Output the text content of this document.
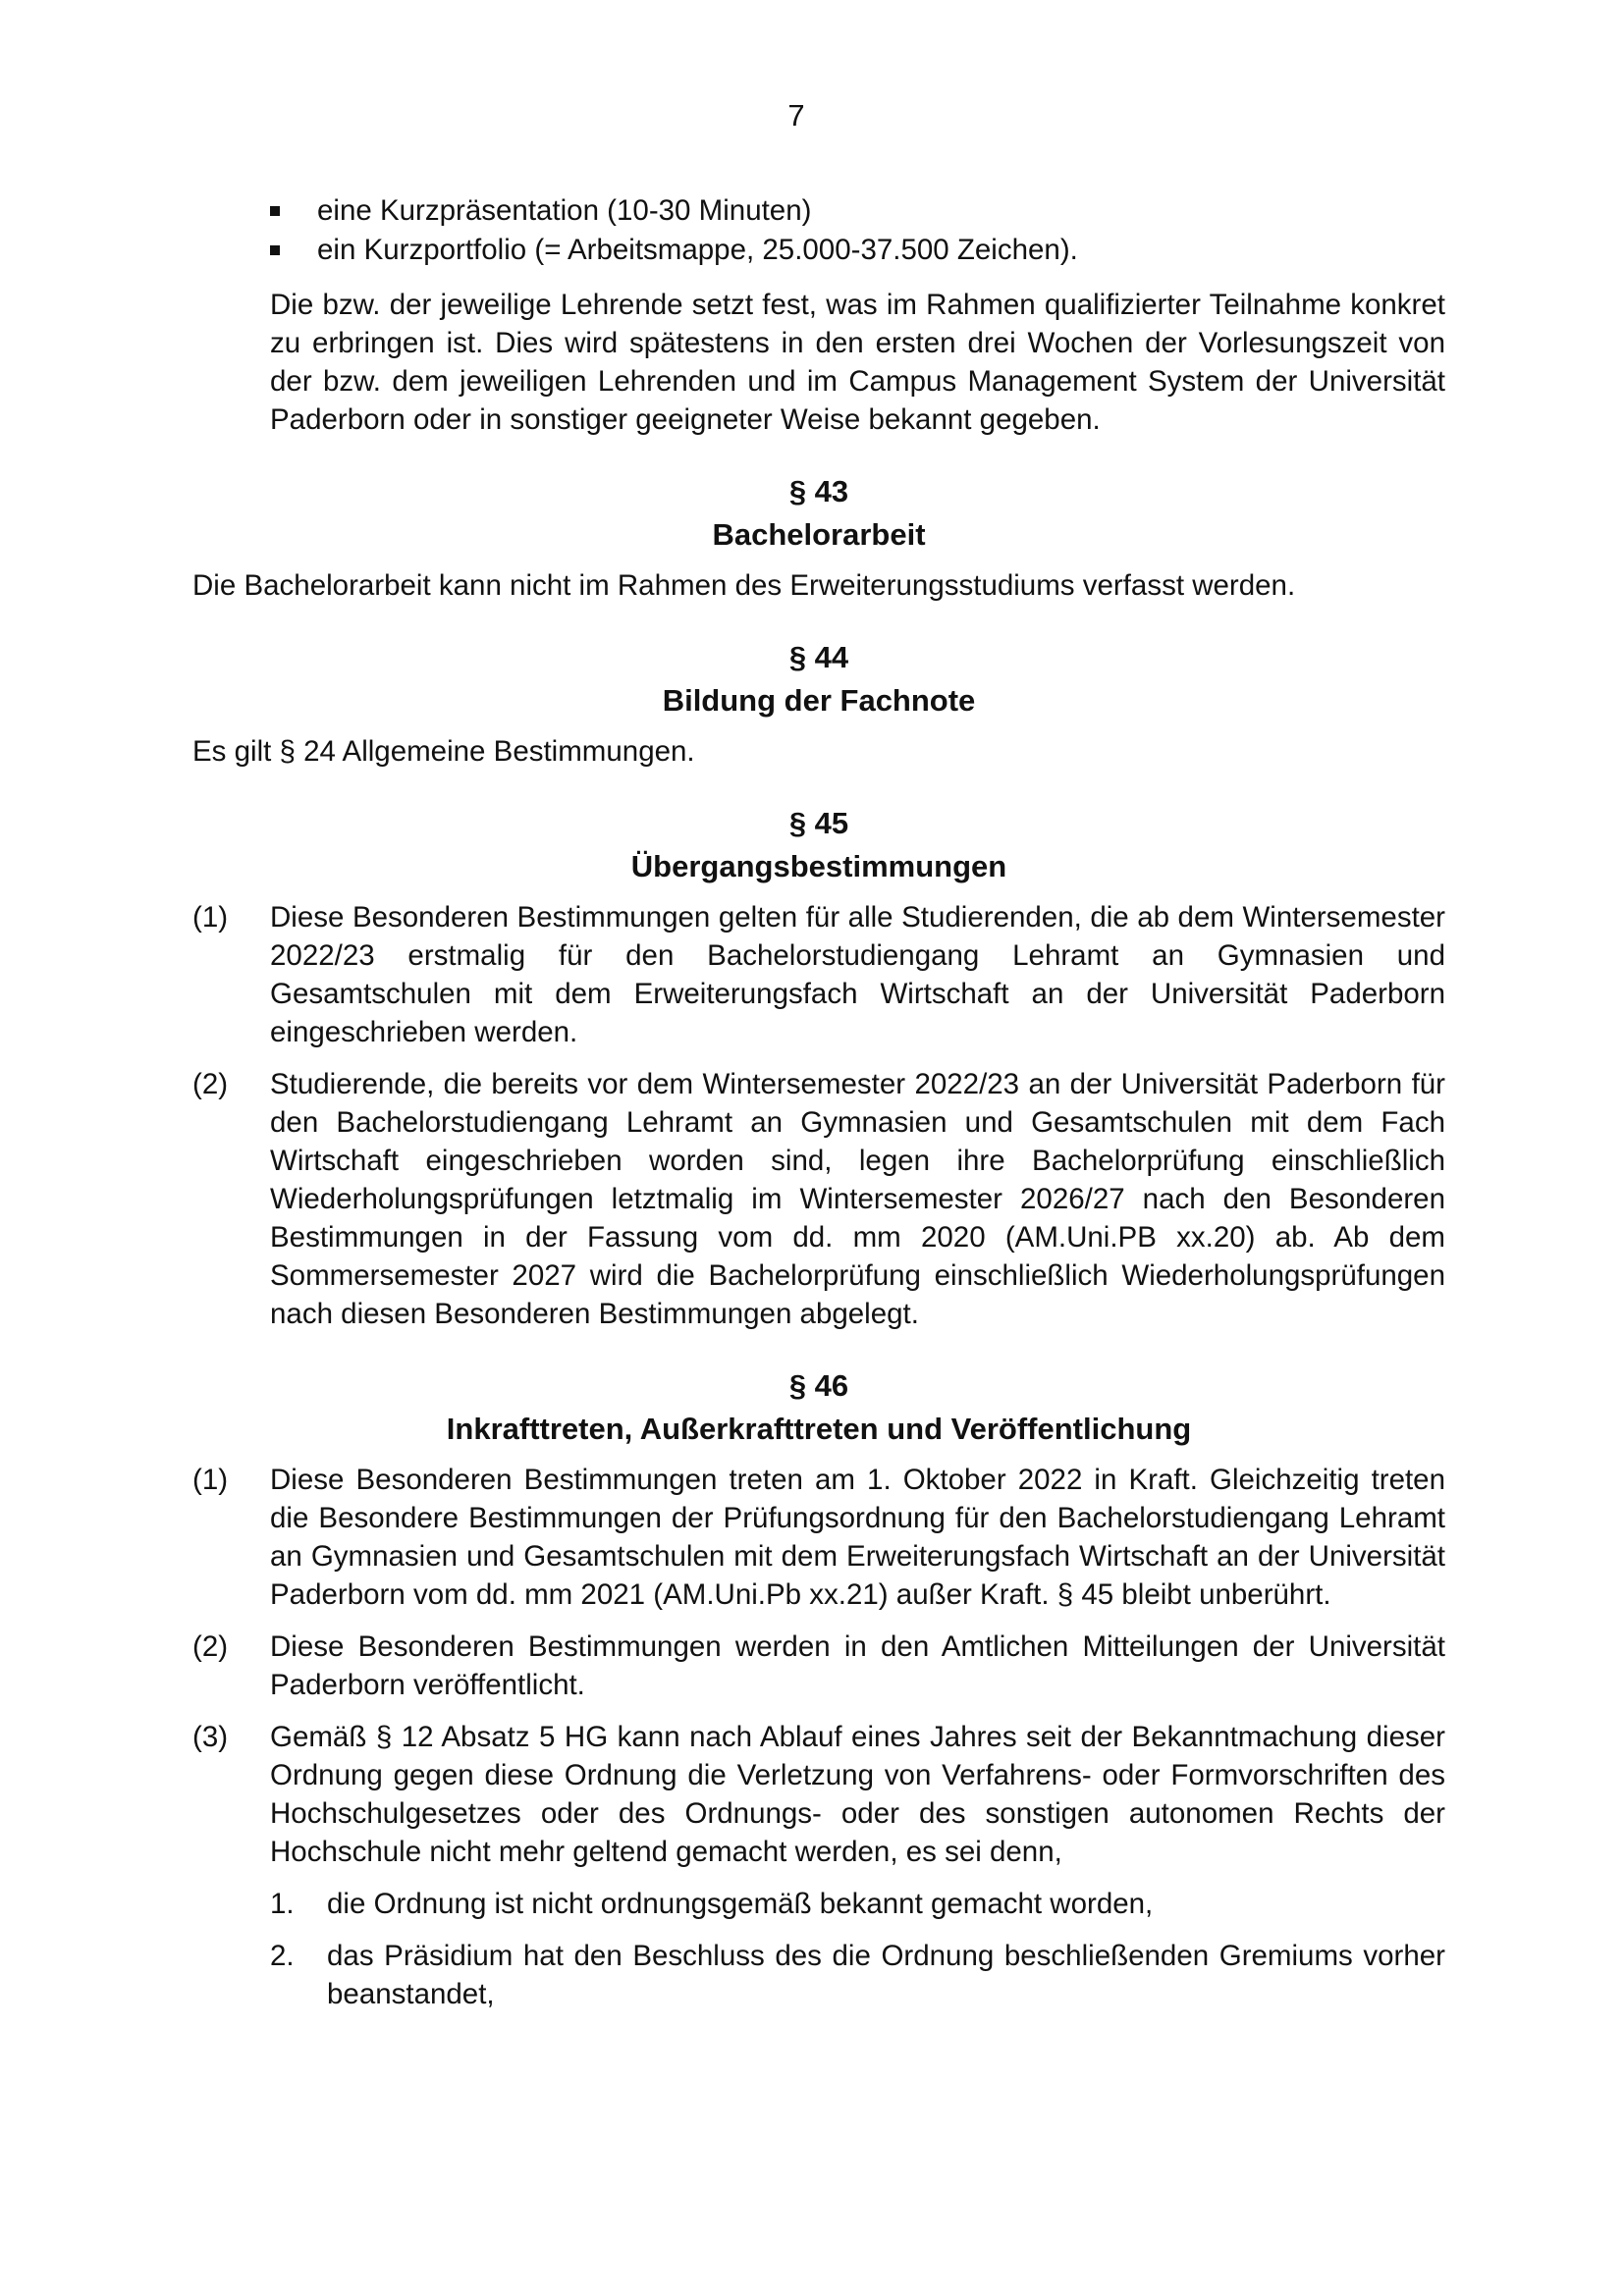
7
eine Kurzpräsentation (10-30 Minuten)
ein Kurzportfolio (= Arbeitsmappe, 25.000-37.500 Zeichen).

Die bzw. der jeweilige Lehrende setzt fest, was im Rahmen qualifizierter Teilnahme konkret zu erbringen ist. Dies wird spätestens in den ersten drei Wochen der Vorlesungszeit von der bzw. dem jeweiligen Lehrenden und im Campus Management System der Universität Paderborn oder in sonstiger geeigneter Weise bekannt gegeben.

§ 43
Bachelorarbeit

Die Bachelorarbeit kann nicht im Rahmen des Erweiterungsstudiums verfasst werden.

§ 44
Bildung der Fachnote

Es gilt § 24 Allgemeine Bestimmungen.

§ 45
Übergangsbestimmungen
(1)	Diese Besonderen Bestimmungen gelten für alle Studierenden, die ab dem Wintersemester 2022/23 erstmalig für den Bachelorstudiengang Lehramt an Gymnasien und Gesamtschulen mit dem Erweiterungsfach Wirtschaft an der Universität Paderborn eingeschrieben werden.
(2)	Studierende, die bereits vor dem Wintersemester 2022/23 an der Universität Paderborn für den Bachelorstudiengang Lehramt an Gymnasien und Gesamtschulen mit dem Fach Wirtschaft eingeschrieben worden sind, legen ihre Bachelorprüfung einschließlich Wiederholungsprüfungen letztmalig im Wintersemester 2026/27 nach den Besonderen Bestimmungen in der Fassung vom dd. mm 2020 (AM.Uni.PB xx.20) ab. Ab dem Sommersemester 2027 wird die Bachelorprüfung einschließlich Wiederholungsprüfungen nach diesen Besonderen Bestimmungen abgelegt.
§ 46
Inkrafttreten, Außerkrafttreten und Veröffentlichung
(1)	Diese Besonderen Bestimmungen treten am 1. Oktober 2022 in Kraft. Gleichzeitig treten die Besondere Bestimmungen der Prüfungsordnung für den Bachelorstudiengang Lehramt an Gymnasien und Gesamtschulen mit dem Erweiterungsfach Wirtschaft an der Universität Paderborn vom dd. mm 2021 (AM.Uni.Pb xx.21) außer Kraft. § 45 bleibt unberührt.
(2)	Diese Besonderen Bestimmungen werden in den Amtlichen Mitteilungen der Universität Paderborn veröffentlicht.
(3)	Gemäß § 12 Absatz 5 HG kann nach Ablauf eines Jahres seit der Bekanntmachung dieser Ordnung gegen diese Ordnung die Verletzung von Verfahrens- oder Formvorschriften des Hochschulgesetzes oder des Ordnungs- oder des sonstigen autonomen Rechts der Hochschule nicht mehr geltend gemacht werden, es sei denn,
1.	die Ordnung ist nicht ordnungsgemäß bekannt gemacht worden,
2.	das Präsidium hat den Beschluss des die Ordnung beschließenden Gremiums vorher beanstandet,
